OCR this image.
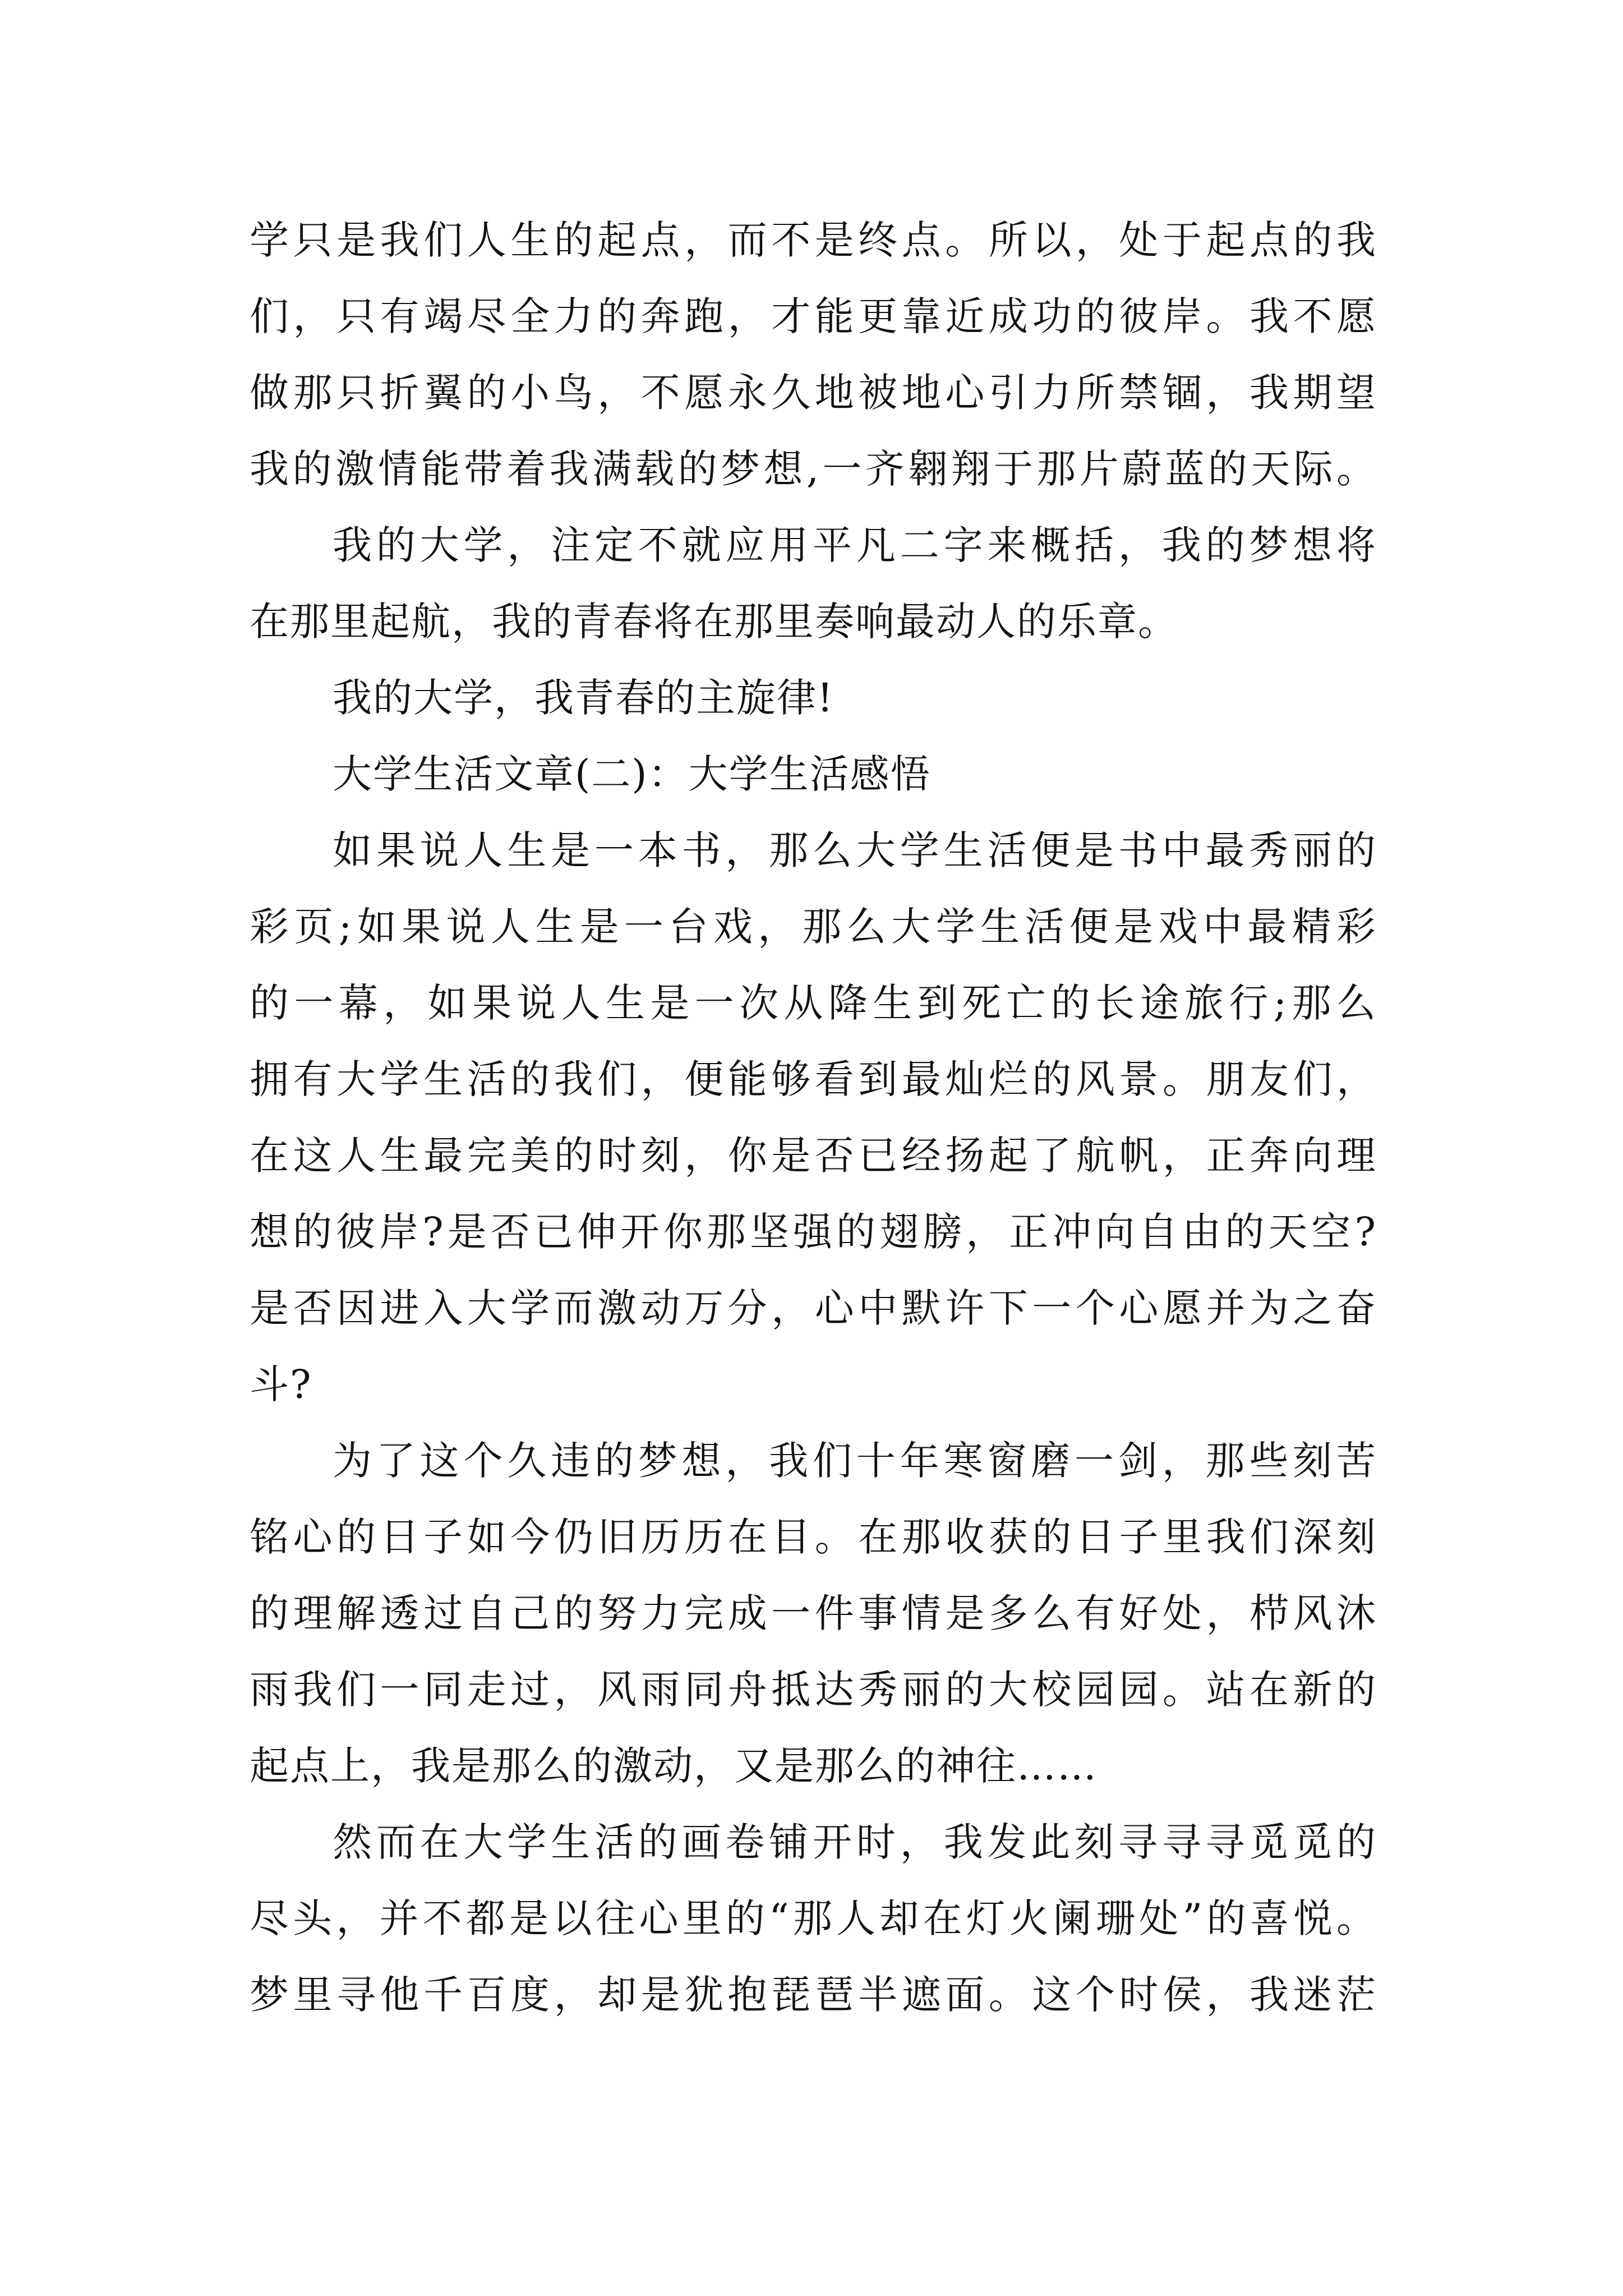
学只是我们人生的起点，而不是终点。所以，处于起点的我
们，只有竭尽全力的奔跑，才能更靠近成功的彼岸。我不愿
做那只折翼的小鸟，不愿永久地被地心引力所禁锢，我期望
我的激情能带着我满载的梦想,一齐翱翔于那片蔚蓝的天际。
我的大学，注定不就应用平凡二字来概括，我的梦想将
在那里起航，我的青春将在那里奏响最动人的乐章。
我的大学，我青春的主旋律!
大学生活文章(二)：大学生活感悟
如果说人生是一本书，那么大学生活便是书中最秀丽的
彩页;如果说人生是一台戏，那么大学生活便是戏中最精彩
的一幕，如果说人生是一次从降生到死亡的长途旅行;那么
拥有大学生活的我们，便能够看到最灿烂的风景。朋友们，
在这人生最完美的时刻，你是否已经扬起了航帆，正奔向理
想的彼岸?是否已伸开你那坚强的翅膀，正冲向自由的天空?
是否因进入大学而激动万分，心中默许下一个心愿并为之奋
斗?
为了这个久违的梦想，我们十年寒窗磨一剑，那些刻苦
铭心的日子如今仍旧历历在目。在那收获的日子里我们深刻
的理解透过自己的努力完成一件事情是多么有好处，栉风沐
雨我们一同走过，风雨同舟抵达秀丽的大校园园。站在新的
起点上，我是那么的激动，又是那么的神往……
然而在大学生活的画卷铺开时，我发此刻寻寻寻觅觅的
尽头，并不都是以往心里的“那人却在灯火阑珊处”的喜悦。
梦里寻他千百度，却是犹抱琵琶半遮面。这个时侯，我迷茫
